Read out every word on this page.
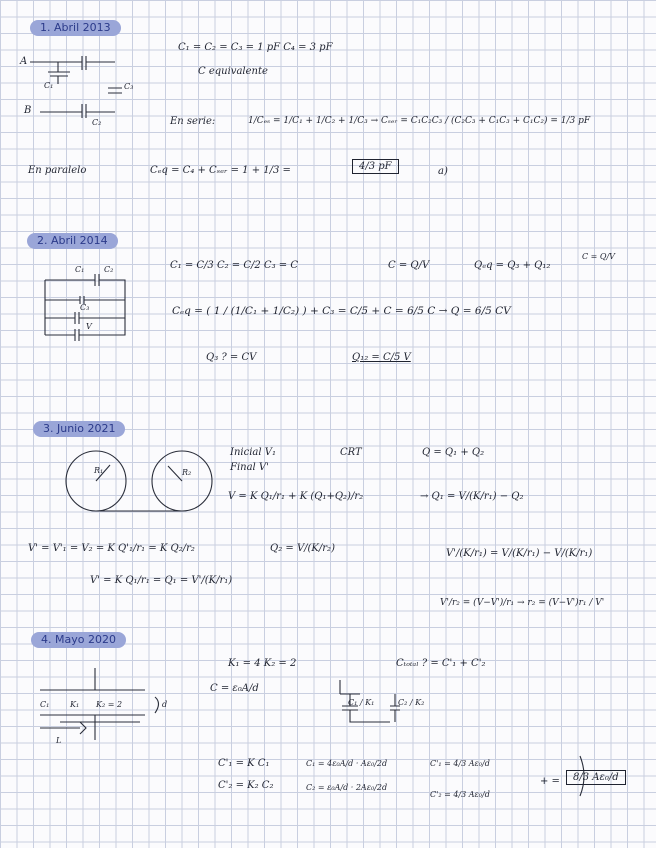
1. Abril 2013
2. Abril 2014
3. Junio 2021
4. Mayo 2020
A
B
C₁	C₃
C₂
C₁ = C₂ = C₃ = 1 pF C₄ = 3 pF
C equivalente
En serie:	1/Cₑₛ = 1/C₁ + 1/C₂ + 1/C₃ → Cₛₑᵣ = C₁C₂C₃ / (C₂C₃ + C₁C₃ + C₁C₂) = 1/3 pF
En paralelo	Cₑq = C₄ + Cₛₑᵣ = 1 + 1/3 =	4/3 pF	a)
C₁ C₂
C₃
V
C₁ = C/3 C₂ = C/2 C₃ = C	C = Q/V	Qₑq = Q₃ + Q₁₂
C = Q/V
Cₑq = ( 1 / (1/C₁ + 1/C₂) ) + C₃ = C/5 + C = 6/5 C → Q = 6/5 CV
Q₃ ? = CV	Q₁₂ = C/5 V
R₁	R₂
Inicial V₁
Final V'
CRT	Q = Q₁ + Q₂
V = K Q₁/r₁ + K (Q₁+Q₂)/r₂	→ Q₁ = V/(K/r₁) − Q₂
V' = V'₁ = V₂ = K Q'₁/r₁ = K Q₂/r₂	Q₂ = V/(K/r₂)
V' = K Q₁/r₁ = Q₁ = V'/(K/r₁)
V'/(K/r₁) = V/(K/r₁) − V/(K/r₁)
V'/r₂ = (V−V')/r₁ → r₂ = (V−V')r₁ / V'
K₁ = 4 K₂ = 2	Cₜₒₜₐₗ ? = C'₁ + C'₂
C = ε₀A/d
C₁	K₁ K₂ = 2
L
d	C₁ / K₁	C₂ / K₂
C'₁ = K C₁
C'₂ = K₂ C₂
C₁ = 4ε₀A/d · Aε₀/2d
C₂ = ε₀A/d · 2Aε₀/2d
C'₁ = 4/3 Aε₀/d
C'₂ = 4/3 Aε₀/d
+ =	8/3 Aε₀/d
